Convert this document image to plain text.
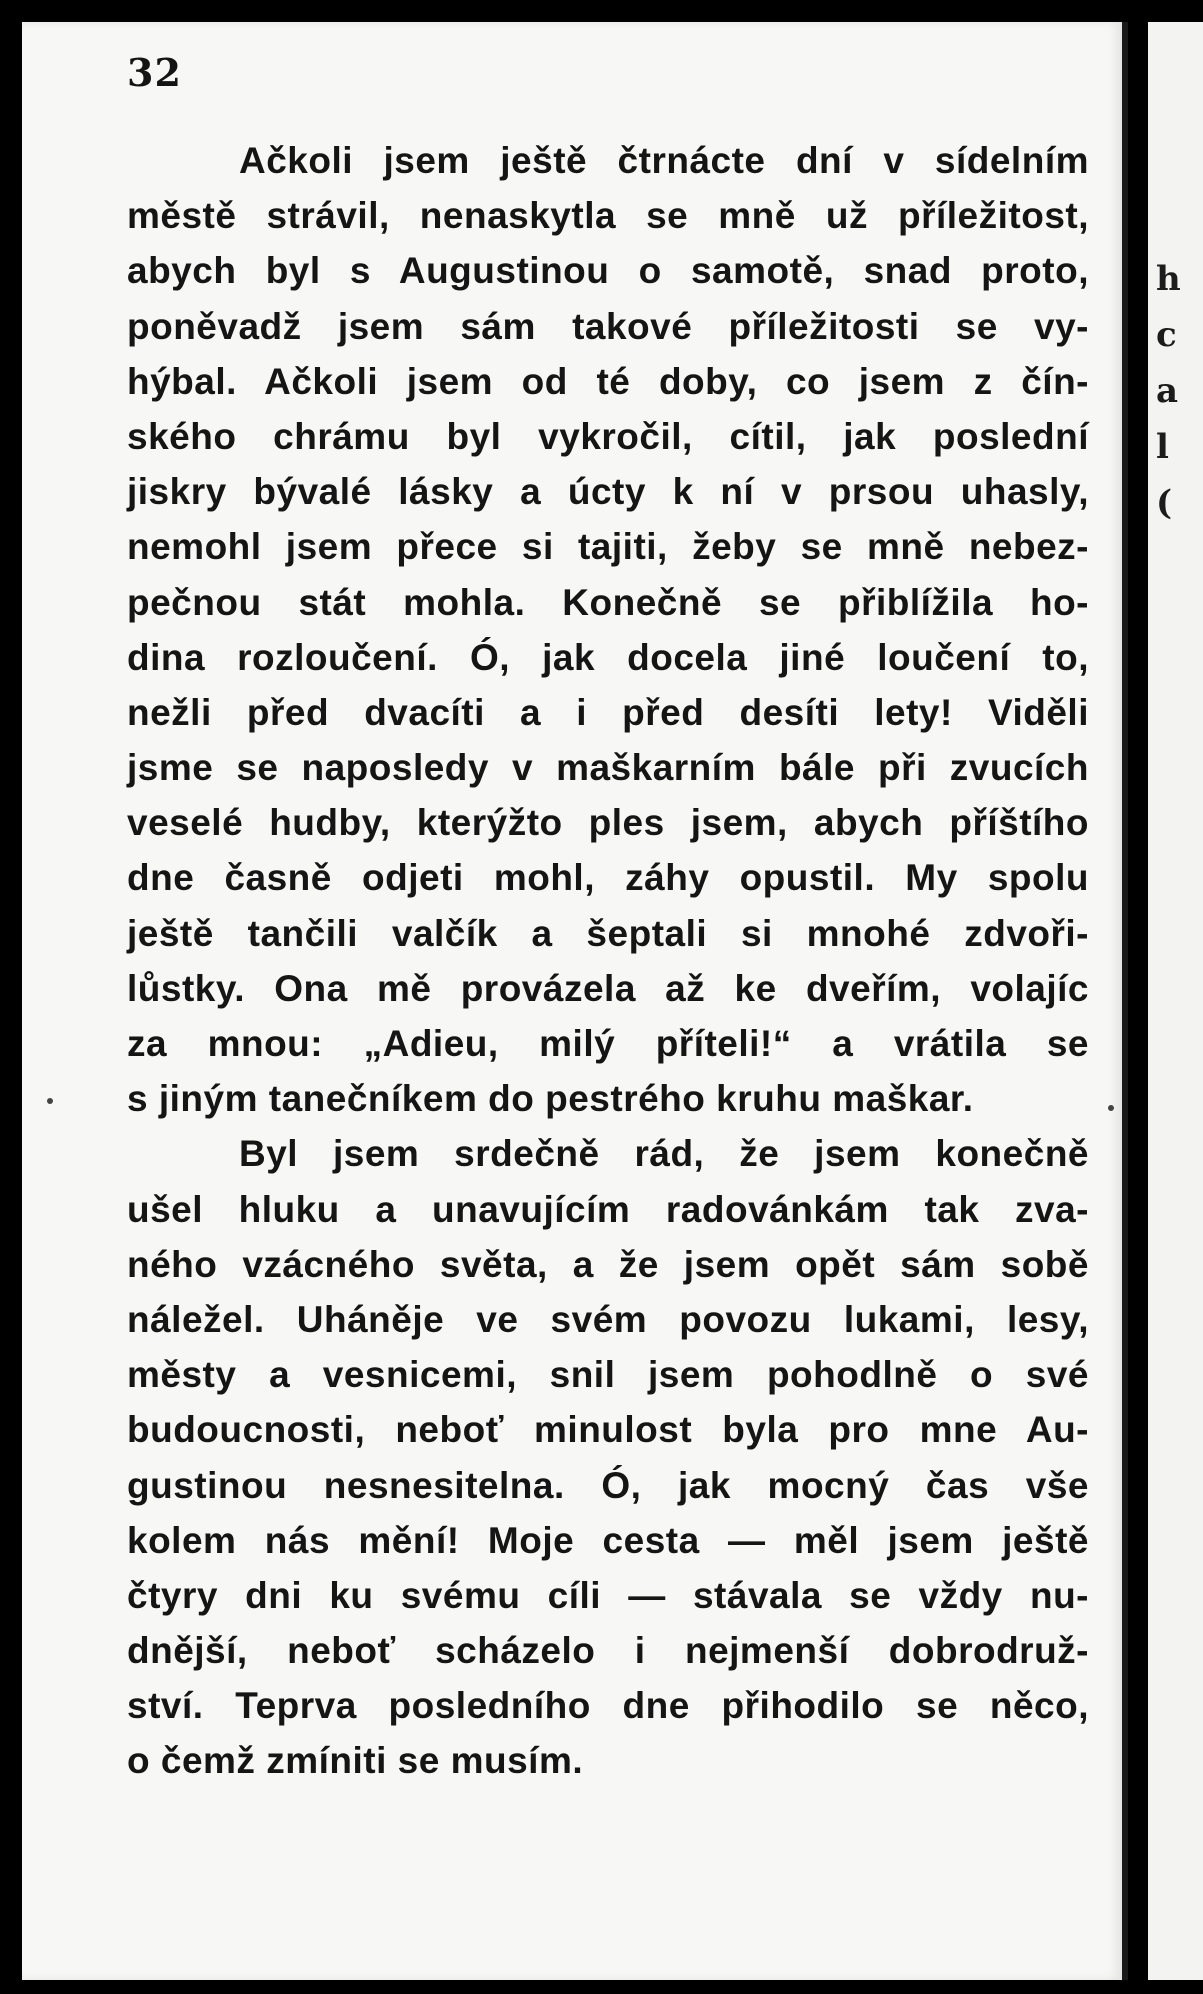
h
c
a
l
(
32
Ačkoli jsem ještě čtrnácte dní v sídelním
městě strávil, nenaskytla se mně už příležitost,
abych byl s Augustinou o samotě, snad proto,
poněvadž jsem sám takové příležitosti se vy-
hýbal. Ačkoli jsem od té doby, co jsem z čín-
ského chrámu byl vykročil, cítil, jak poslední
jiskry bývalé lásky a úcty k ní v prsou uhasly,
nemohl jsem přece si tajiti, žeby se mně nebez-
pečnou stát mohla. Konečně se přiblížila ho-
dina rozloučení. Ó, jak docela jiné loučení to,
nežli před dvacíti a i před desíti lety! Viděli
jsme se naposledy v maškarním bále při zvucích
veselé hudby, kterýžto ples jsem, abych příštího
dne časně odjeti mohl, záhy opustil. My spolu
ještě tančili valčík a šeptali si mnohé zdvoři-
lůstky. Ona mě provázela až ke dveřím, volajíc
za mnou: „Adieu, milý příteli!“ a vrátila se
s jiným tanečníkem do pestrého kruhu maškar.
Byl jsem srdečně rád, že jsem konečně
ušel hluku a unavujícím radovánkám tak zva-
ného vzácného světa, a že jsem opět sám sobě
náležel. Uháněje ve svém povozu lukami, lesy,
městy a vesnicemi, snil jsem pohodlně o své
budoucnosti, neboť minulost byla pro mne Au-
gustinou nesnesitelna. Ó, jak mocný čas vše
kolem nás mění! Moje cesta — měl jsem ještě
čtyry dni ku svému cíli — stávala se vždy nu-
dnější, neboť scházelo i nejmenší dobrodruž-
ství. Teprva posledního dne přihodilo se něco,
o čemž zmíniti se musím.
